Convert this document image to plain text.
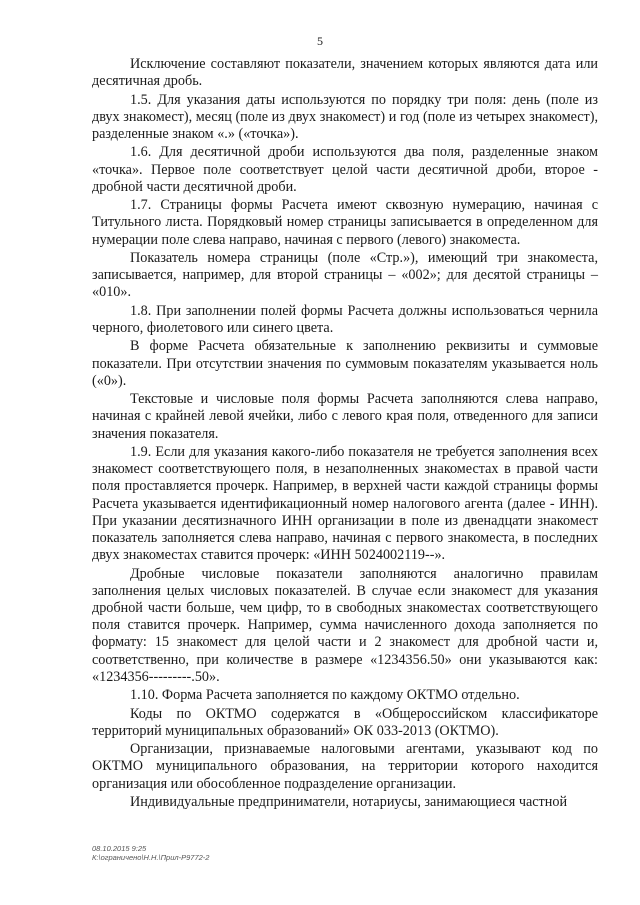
5

Исключение составляют показатели, значением которых являются дата или десятичная дробь.

1.5. Для указания даты используются по порядку три поля: день (поле из двух знакомест), месяц (поле из двух знакомест) и год (поле из четырех знакомест), разделенные знаком «.» («точка»).

1.6. Для десятичной дроби используются два поля, разделенные знаком «точка». Первое поле соответствует целой части десятичной дроби, второе - дробной части десятичной дроби.

1.7. Страницы формы Расчета имеют сквозную нумерацию, начиная с Титульного листа. Порядковый номер страницы записывается в определенном для нумерации поле слева направо, начиная с первого (левого) знакоместа.

Показатель номера страницы (поле «Стр.»), имеющий три знакоместа, записывается, например, для второй страницы – «002»; для десятой страницы – «010».

1.8. При заполнении полей формы Расчета должны использоваться чернила черного, фиолетового или синего цвета.

В форме Расчета обязательные к заполнению реквизиты и суммовые показатели. При отсутствии значения по суммовым показателям указывается ноль («0»).

Текстовые и числовые поля формы Расчета заполняются слева направо, начиная с крайней левой ячейки, либо с левого края поля, отведенного для записи значения показателя.

1.9. Если для указания какого-либо показателя не требуется заполнения всех знакомест соответствующего поля, в незаполненных знакоместах в правой части поля проставляется прочерк. Например, в верхней части каждой страницы формы Расчета указывается идентификационный номер налогового агента (далее - ИНН). При указании десятизначного ИНН организации в поле из двенадцати знакомест показатель заполняется слева направо, начиная с первого знакоместа, в последних двух знакоместах ставится прочерк: «ИНН 5024002119--».

Дробные числовые показатели заполняются аналогично правилам заполнения целых числовых показателей. В случае если знакомест для указания дробной части больше, чем цифр, то в свободных знакоместах соответствующего поля ставится прочерк. Например, сумма начисленного дохода заполняется по формату: 15 знакомест для целой части и 2 знакомест для дробной части и, соответственно, при количестве в размере «1234356.50» они указываются как: «1234356---------.50».

1.10. Форма Расчета заполняется по каждому ОКТМО отдельно.

Коды по ОКТМО содержатся в «Общероссийском классификаторе территорий муниципальных образований» ОК 033-2013 (ОКТМО).

Организации, признаваемые налоговыми агентами, указывают код по ОКТМО муниципального образования, на территории которого находится организация или обособленное подразделение организации.

Индивидуальные предприниматели, нотариусы, занимающиеся частной

08.10.2015 9:25
К:\ограничено\Н.Н.\Прил-Р9772-2
